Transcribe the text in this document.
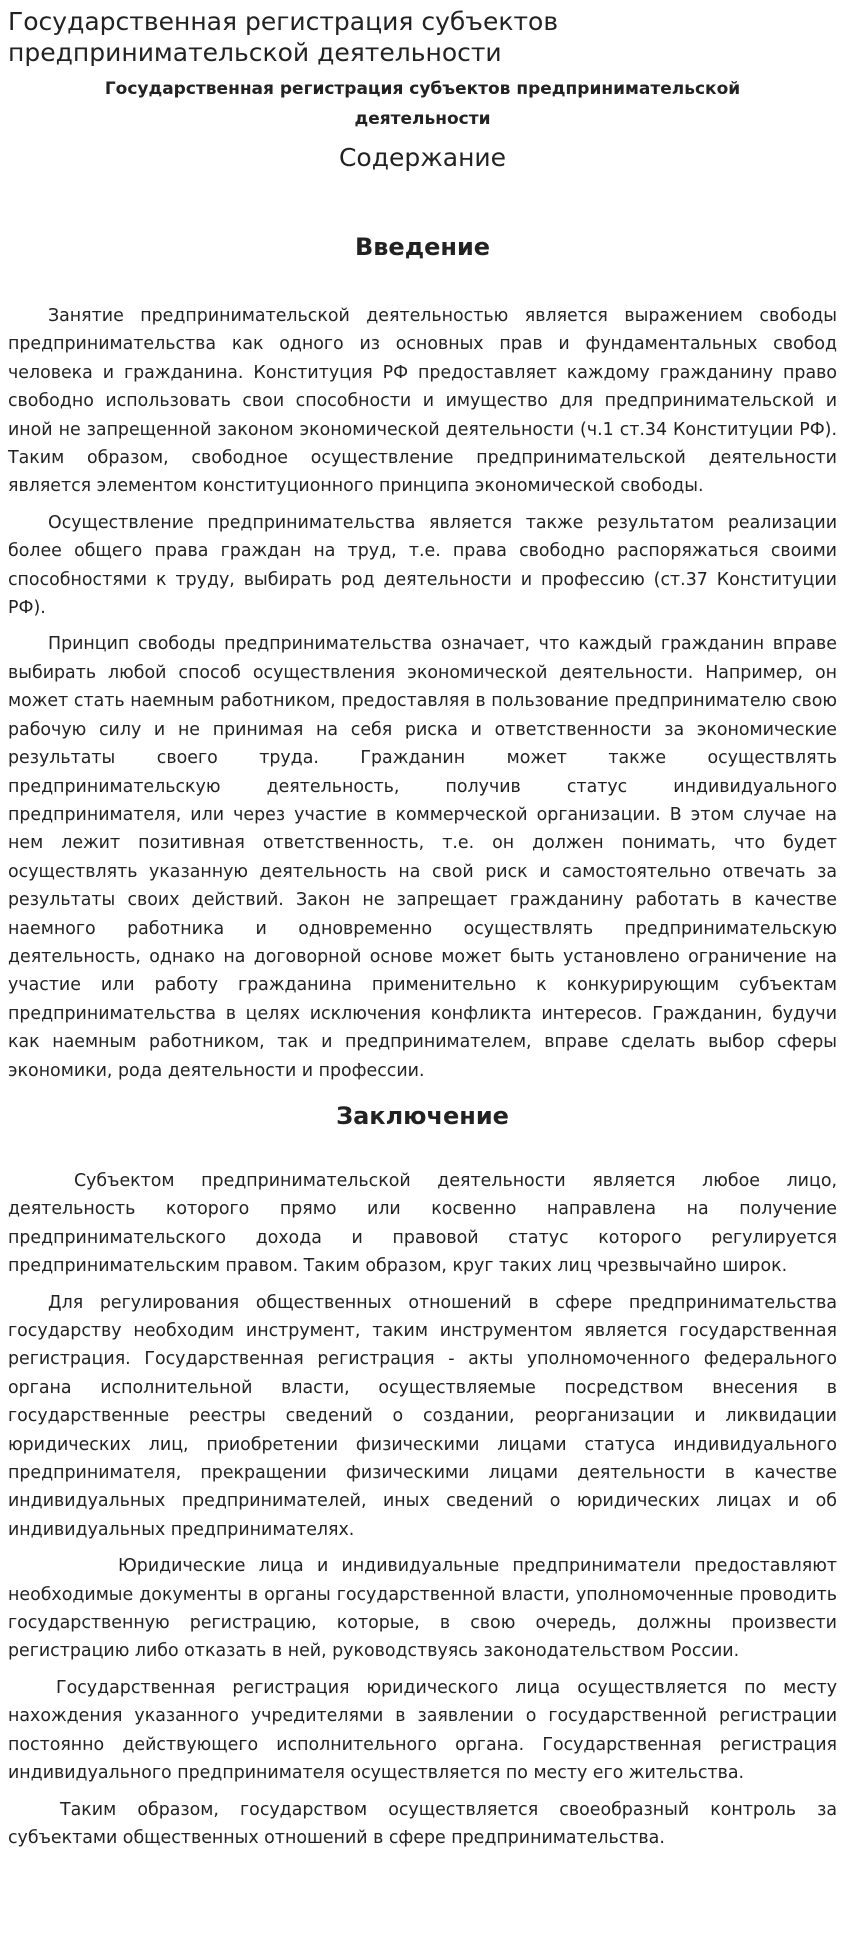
Государственная регистрация субъектов предпринимательской деятельности
Государственная регистрация субъектов предпринимательской
деятельности
Содержание
Введение

Занятие предпринимательской деятельностью является выражением свободы предпринимательства как одного из основных прав и фундаментальных свобод человека и гражданина. Конституция РФ предоставляет каждому гражданину право свободно использовать свои способности и имущество для предпринимательской и иной не запрещенной законом экономической деятельности (ч.1 ст.34 Конституции РФ). Таким образом, свободное осуществление предпринимательской деятельности является элементом конституционного принципа экономической свободы.

Осуществление предпринимательства является также результатом реализации более общего права граждан на труд, т.е. права свободно распоряжаться своими способностями к труду, выбирать род деятельности и профессию (ст.37 Конституции РФ).

Принцип свободы предпринимательства означает, что каждый гражданин вправе выбирать любой способ осуществления экономической деятельности. Например, он может стать наемным работником, предоставляя в пользование предпринимателю свою рабочую силу и не принимая на себя риска и ответственности за экономические результаты своего труда. Гражданин может также осуществлять предпринимательскую деятельность, получив статус индивидуального предпринимателя, или через участие в коммерческой организации. В этом случае на нем лежит позитивная ответственность, т.е. он должен понимать, что будет осуществлять указанную деятельность на свой риск и самостоятельно отвечать за результаты своих действий. Закон не запрещает гражданину работать в качестве наемного работника и одновременно осуществлять предпринимательскую деятельность, однако на договорной основе может быть установлено ограничение на участие или работу гражданина применительно к конкурирующим субъектам предпринимательства в целях исключения конфликта интересов. Гражданин, будучи как наемным работником, так и предпринимателем, вправе сделать выбор сферы экономики, рода деятельности и профессии.

Заключение

Субъектом предпринимательской деятельности является любое лицо, деятельность которого прямо или косвенно направлена на получение предпринимательского дохода и правовой статус которого регулируется предпринимательским правом. Таким образом, круг таких лиц чрезвычайно широк.

Для регулирования общественных отношений в сфере предпринимательства государству необходим инструмент, таким инструментом является государственная регистрация. Государственная регистрация - акты уполномоченного федерального органа исполнительной власти, осуществляемые посредством внесения в государственные реестры сведений о создании, реорганизации и ликвидации юридических лиц, приобретении физическими лицами статуса индивидуального предпринимателя, прекращении физическими лицами деятельности в качестве индивидуальных предпринимателей, иных сведений о юридических лицах и об индивидуальных предпринимателях.

Юридические лица и индивидуальные предприниматели предоставляют необходимые документы в органы государственной власти, уполномоченные проводить государственную регистрацию, которые, в свою очередь, должны произвести регистрацию либо отказать в ней, руководствуясь законодательством России.

Государственная регистрация юридического лица осуществляется по месту нахождения указанного учредителями в заявлении о государственной регистрации постоянно действующего исполнительного органа. Государственная регистрация индивидуального предпринимателя осуществляется по месту его жительства.

Таким образом, государством осуществляется своеобразный контроль за субъектами общественных отношений в сфере предпринимательства.
